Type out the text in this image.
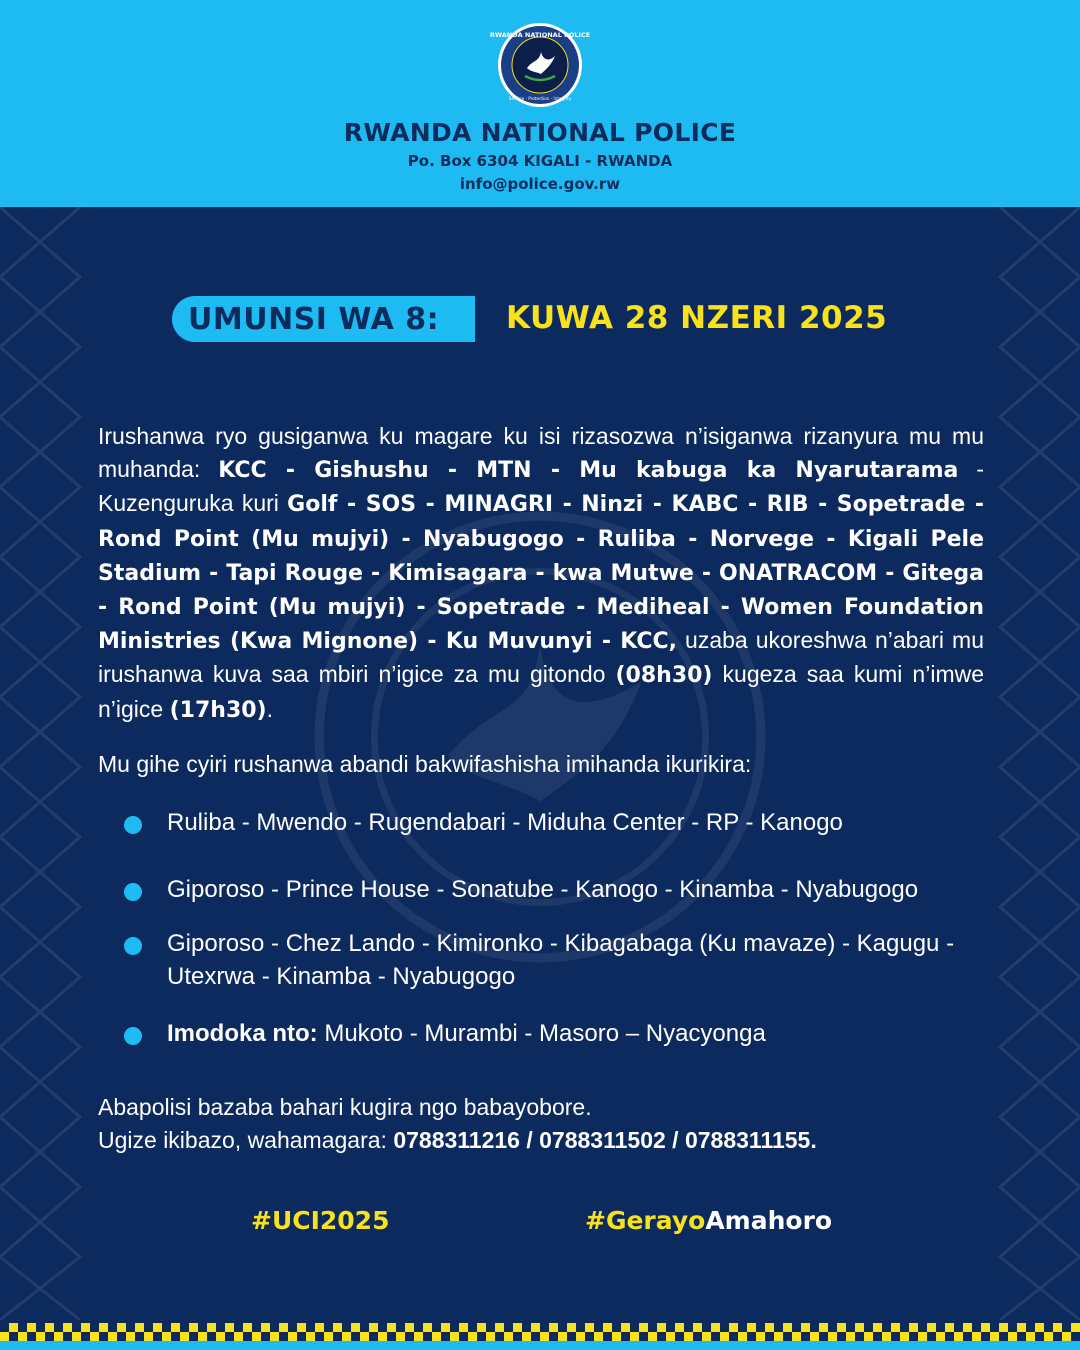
RWANDA NATIONAL POLICE
Service · Protection · Integrity
RWANDA NATIONAL POLICE
Po. Box 6304 KIGALI - RWANDA
info@police.gov.rw
UMUNSI WA 8: KUWA 28 NZERI 2025
Irushanwa ryo gusiganwa ku magare ku isi rizasozwa n’isiganwa rizanyura mu mu muhanda: KCC - Gishushu - MTN - Mu kabuga ka Nyarutarama - Kuzenguruka kuri Golf - SOS - MINAGRI - Ninzi - KABC - RIB - Sopetrade - Rond Point (Mu mujyi) - Nyabugogo - Ruliba - Norvege - Kigali Pele Stadium - Tapi Rouge - Kimisagara - kwa Mutwe - ONATRACOM - Gitega - Rond Point (Mu mujyi) - Sopetrade - Mediheal - Women Foundation Ministries (Kwa Mignone) - Ku Muvunyi - KCC, uzaba ukoreshwa n’abari mu irushanwa kuva saa mbiri n’igice za mu gitondo (08h30) kugeza saa kumi n’imwe n’igice (17h30).
Mu gihe cyiri rushanwa abandi bakwifashisha imihanda ikurikira:
Ruliba - Mwendo - Rugendabari - Miduha Center - RP - Kanogo
Giporoso - Prince House - Sonatube - Kanogo - Kinamba - Nyabugogo
Giporoso - Chez Lando - Kimironko - Kibagabaga (Ku mavaze) - Kagugu - Utexrwa - Kinamba - Nyabugogo
Imodoka nto: Mukoto - Murambi - Masoro – Nyacyonga
Abapolisi bazaba bahari kugira ngo babayobore.
Ugize ikibazo, wahamagara: 0788311216 / 0788311502 / 0788311155.
#UCI2025	#GerayoAmahoro
